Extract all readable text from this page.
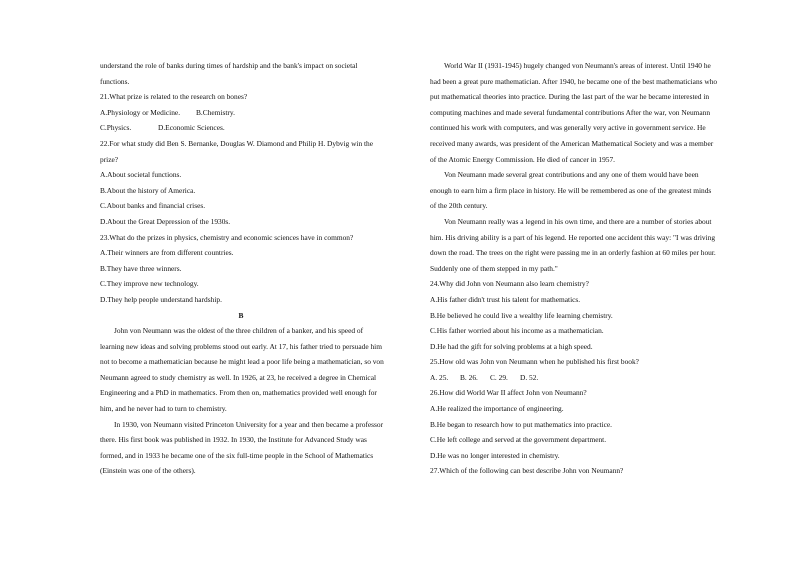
understand the role of banks during times of hardship and the bank's impact on societal

functions.

21.What prize is related to the research on bones?

A.Physiology or Medicine. B.Chemistry.

C.Physics.	D.Economic Sciences.

22.For what study did Ben S. Bernanke, Douglas W. Diamond and Philip H. Dybvig win the

prize?

A.About societal functions.

B.About the history of America.

C.About banks and financial crises.

D.About the Great Depression of the 1930s.

23.What do the prizes in physics, chemistry and economic sciences have in common?

A.Their winners are from different countries.

B.They have three winners.

C.They improve new technology.

D.They help people understand hardship.

B

John von Neumann was the oldest of the three children of a banker, and his speed of

learning new ideas and solving problems stood out early. At 17, his father tried to persuade him

not to become a mathematician because he might lead a poor life being a mathematician, so von

Neumann agreed to study chemistry as well. In 1926, at 23, he received a degree in Chemical

Engineering and a PhD in mathematics. From then on, mathematics provided well enough for

him, and he never had to turn to chemistry.

In 1930, von Neumann visited Princeton University for a year and then became a professor

there. His first book was published in 1932. In 1930, the Institute for Advanced Study was

formed, and in 1933 he became one of the six full-time people in the School of Mathematics

(Einstein was one of the others).

World War II (1931-1945) hugely changed von Neumann's areas of interest. Until 1940 he

had been a great pure mathematician. After 1940, he became one of the best mathematicians who

put mathematical theories into practice. During the last part of the war he became interested in

computing machines and made several fundamental contributions After the war, von Neumann

continued his work with computers, and was generally very active in government service. He

received many awards, was president of the American Mathematical Society and was a member

of the Atomic Energy Commission. He died of cancer in 1957.

Von Neumann made several great contributions and any one of them would have been

enough to earn him a firm place in history. He will be remembered as one of the greatest minds

of the 20th century.

Von Neumann really was a legend in his own time, and there are a number of stories about

him. His driving ability is a part of his legend. He reported one accident this way: "I was driving

down the road. The trees on the right were passing me in an orderly fashion at 60 miles per hour.

Suddenly one of them stepped in my path."

24.Why did John von Neumann also learn chemistry?

A.His father didn't trust his talent for mathematics.

B.He believed he could live a wealthy life learning chemistry.

C.His father worried about his income as a mathematician.

D.He had the gift for solving problems at a high speed.

25.How old was John von Neumann when he published his first book?

A. 25. B. 26. C. 29. D. 52.

26.How did World War II affect John von Neumann?

A.He realized the importance of engineering.

B.He began to research how to put mathematics into practice.

C.He left college and served at the government department.

D.He was no longer interested in chemistry.

27.Which of the following can best describe John von Neumann?
